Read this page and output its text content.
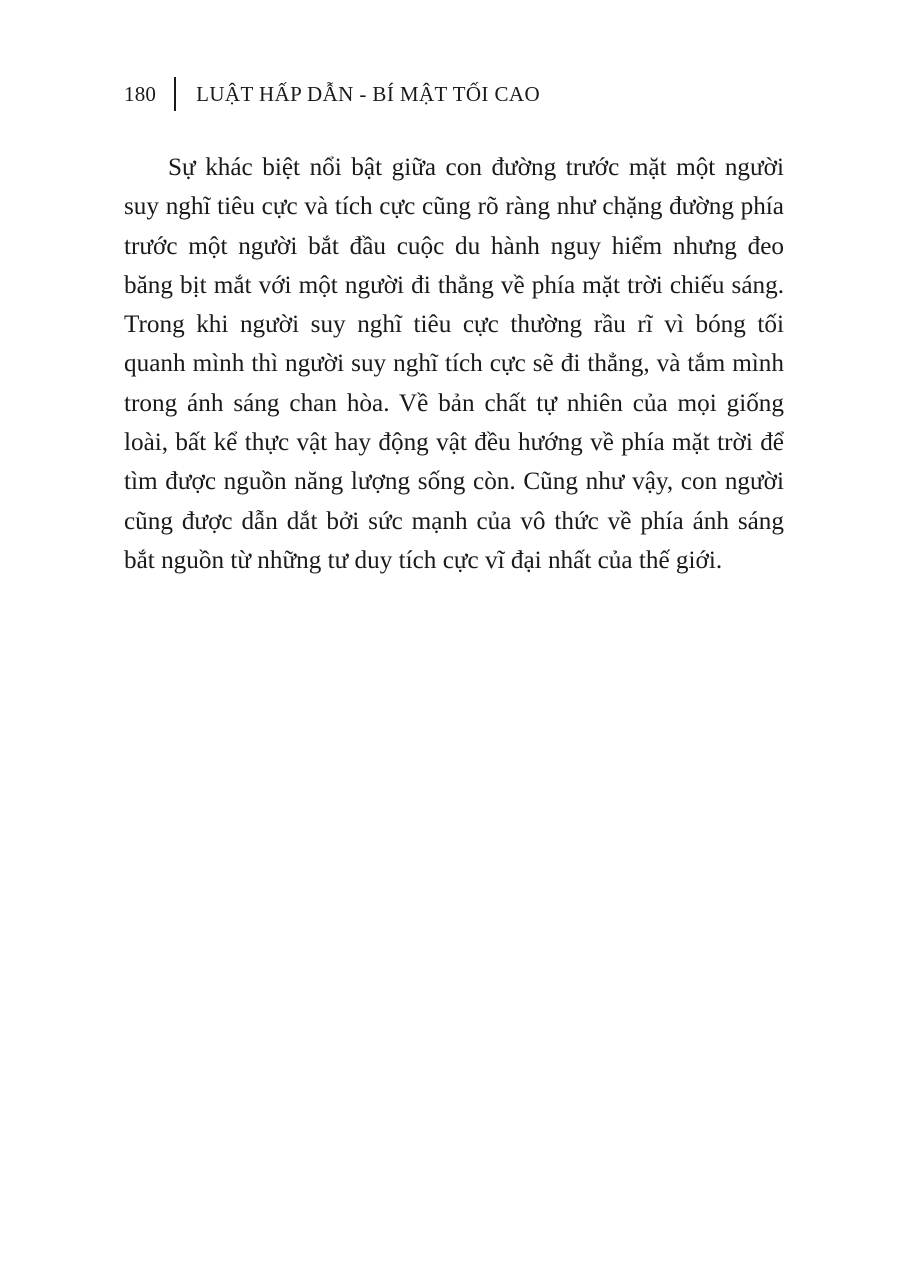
180 LUẬT HẤP DẪN - BÍ MẬT TỐI CAO

Sự khác biệt nổi bật giữa con đường trước mặt một người suy nghĩ tiêu cực và tích cực cũng rõ ràng như chặng đường phía trước một người bắt đầu cuộc du hành nguy hiểm nhưng đeo băng bịt mắt với một người đi thẳng về phía mặt trời chiếu sáng. Trong khi người suy nghĩ tiêu cực thường rầu rĩ vì bóng tối quanh mình thì người suy nghĩ tích cực sẽ đi thẳng, và tắm mình trong ánh sáng chan hòa. Về bản chất tự nhiên của mọi giống loài, bất kể thực vật hay động vật đều hướng về phía mặt trời để tìm được nguồn năng lượng sống còn. Cũng như vậy, con người cũng được dẫn dắt bởi sức mạnh của vô thức về phía ánh sáng bắt nguồn từ những tư duy tích cực vĩ đại nhất của thế giới.
